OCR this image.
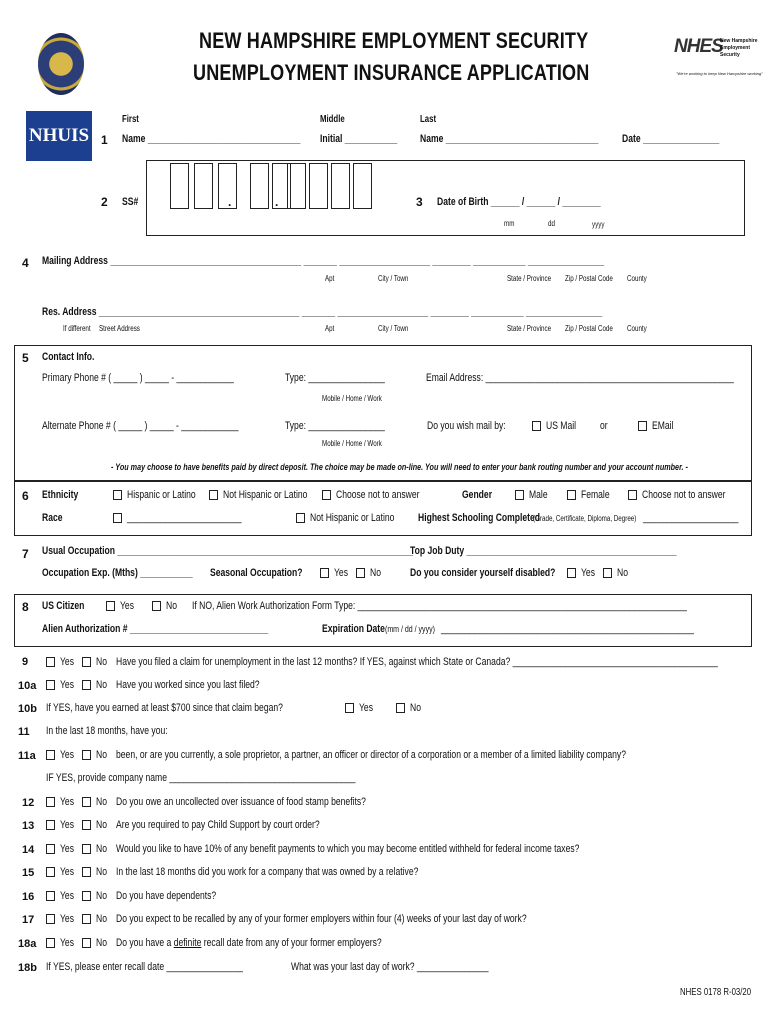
NEW HAMPSHIRE EMPLOYMENT SECURITY
UNEMPLOYMENT INSURANCE APPLICATION
NHES
New Hampshire
Employment
Security
"We're working to keep New Hampshire working"
NHUIS 1
First
Name ________________________________
Middle
Initial ___________
Last
Name ________________________________	Date ________________
2 SS#	.	.	3 Date of Birth ______ / ______ / ________
mm	dd	yyyy
4 Mailing Address ________________________________________ _______ ___________________ ________ ___________ ________________
Apt	City / Town	State / Province	Zip / Postal Code	County
Res. Address __________________________________________ _______ ___________________ ________ ___________ ________________
If different	Street Address	Apt	City / Town	State / Province	Zip / Postal Code	County
5 Contact Info.
Primary Phone # ( _____ ) _____ - ____________	Type: ________________	Email Address: ____________________________________________________
Mobile / Home / Work
Alternate Phone # ( _____ ) _____ - ____________	Type: ________________
Mobile / Home / Work
Do you wish mail by:	US Mail	or	EMail
- You may choose to have benefits paid by direct deposit. The choice may be made on-line. You will need to enter your bank routing number and your account number. -
6 Ethnicity	Hispanic or Latino	Not Hispanic or Latino	Choose not to answer	Gender	Male	Female	Choose not to answer
Race	________________________	Not Hispanic or Latino	Highest Schooling Completed
(Grade, Certificate, Diploma, Degree) ____________________
7 Usual Occupation ______________________________________________________________
Top Job Duty ____________________________________________
Occupation Exp. (Mths) ___________	Seasonal Occupation?	Yes	No	Do you consider yourself disabled?	Yes	No
8 US Citizen	Yes	No If NO, Alien Work Authorization Form Type: _____________________________________________________________________
Alien Authorization # _____________________________	Expiration Date (mm / dd / yyyy) _____________________________________________________
9	Yes	No Have you filed a claim for unemployment in the last 12 months? If YES, against which State or Canada? ___________________________________________
10a	Yes	No Have you worked since you last filed?
10b If YES, have you earned at least $700 since that claim began?	Yes	No
11 In the last 18 months, have you:
11a	Yes	No been, or are you currently, a sole proprietor, a partner, an officer or director of a corporation or a member of a limited liability company?
IF YES, provide company name _______________________________________
12	Yes	No Do you owe an uncollected over issuance of food stamp benefits?
13	Yes	No Are you required to pay Child Support by court order?
14	Yes	No Would you like to have 10% of any benefit payments to which you may become entitled withheld for federal income taxes?
15	Yes	No In the last 18 months did you work for a company that was owned by a relative?
16	Yes	No Do you have dependents?
17	Yes	No Do you expect to be recalled by any of your former employers within four (4) weeks of your last day of work?
18a	Yes	No Do you have a definite recall date from any of your former employers?
18b If YES, please enter recall date ________________	What was your last day of work? _______________
NHES 0178 R-03/20
